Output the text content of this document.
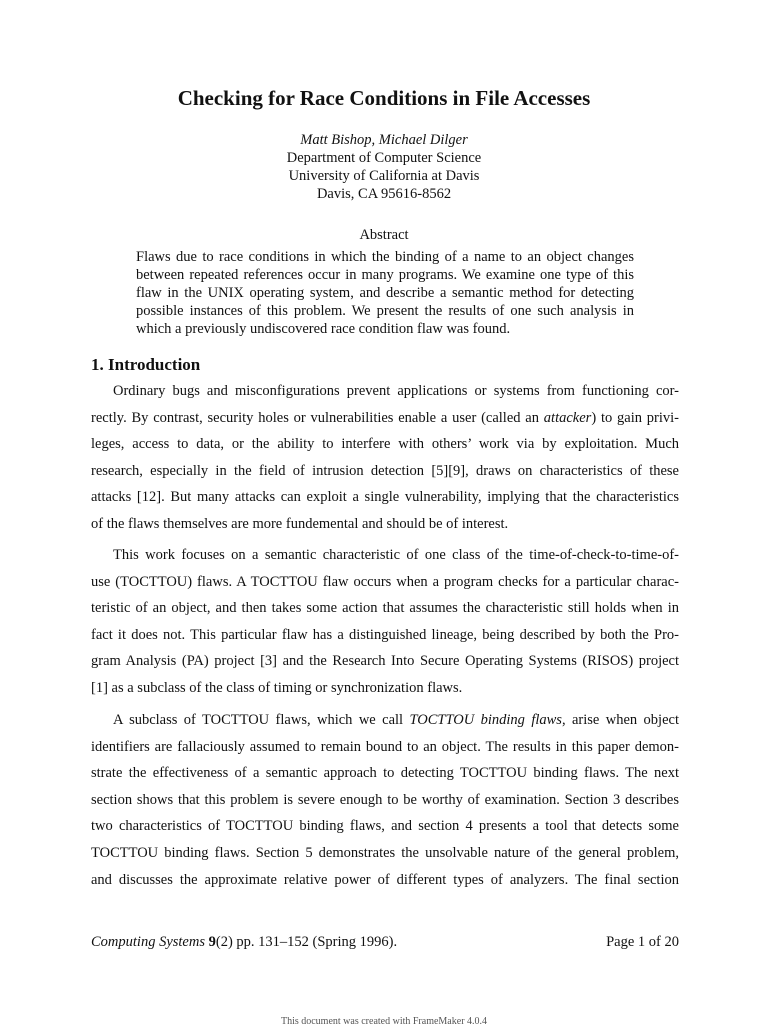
Checking for Race Conditions in File Accesses
Matt Bishop, Michael Dilger
Department of Computer Science
University of California at Davis
Davis, CA 95616-8562
Abstract
Flaws due to race conditions in which the binding of a name to an object changes
between repeated references occur in many programs. We examine one type of this
flaw in the UNIX operating system, and describe a semantic method for detecting
possible instances of this problem. We present the results of one such analysis in
which a previously undiscovered race condition flaw was found.
1. Introduction
Ordinary bugs and misconfigurations prevent applications or systems from functioning cor-
rectly. By contrast, security holes or vulnerabilities enable a user (called an attacker) to gain privi-
leges, access to data, or the ability to interfere with others’ work via by exploitation. Much
research, especially in the field of intrusion detection [5][9], draws on characteristics of these
attacks [12]. But many attacks can exploit a single vulnerability, implying that the characteristics
of the flaws themselves are more fundemental and should be of interest.
This work focuses on a semantic characteristic of one class of the time-of-check-to-time-of-
use (TOCTTOU) flaws. A TOCTTOU flaw occurs when a program checks for a particular charac-
teristic of an object, and then takes some action that assumes the characteristic still holds when in
fact it does not. This particular flaw has a distinguished lineage, being described by both the Pro-
gram Analysis (PA) project [3] and the Research Into Secure Operating Systems (RISOS) project
[1] as a subclass of the class of timing or synchronization flaws.
A subclass of TOCTTOU flaws, which we call TOCTTOU binding flaws, arise when object
identifiers are fallaciously assumed to remain bound to an object. The results in this paper demon-
strate the effectiveness of a semantic approach to detecting TOCTTOU binding flaws. The next
section shows that this problem is severe enough to be worthy of examination. Section 3 describes
two characteristics of TOCTTOU binding flaws, and section 4 presents a tool that detects some
TOCTTOU binding flaws. Section 5 demonstrates the unsolvable nature of the general problem,
and discusses the approximate relative power of different types of analyzers. The final section
Computing Systems 9(2) pp. 131–152 (Spring 1996).	Page 1 of 20
This document was created with FrameMaker 4.0.4
